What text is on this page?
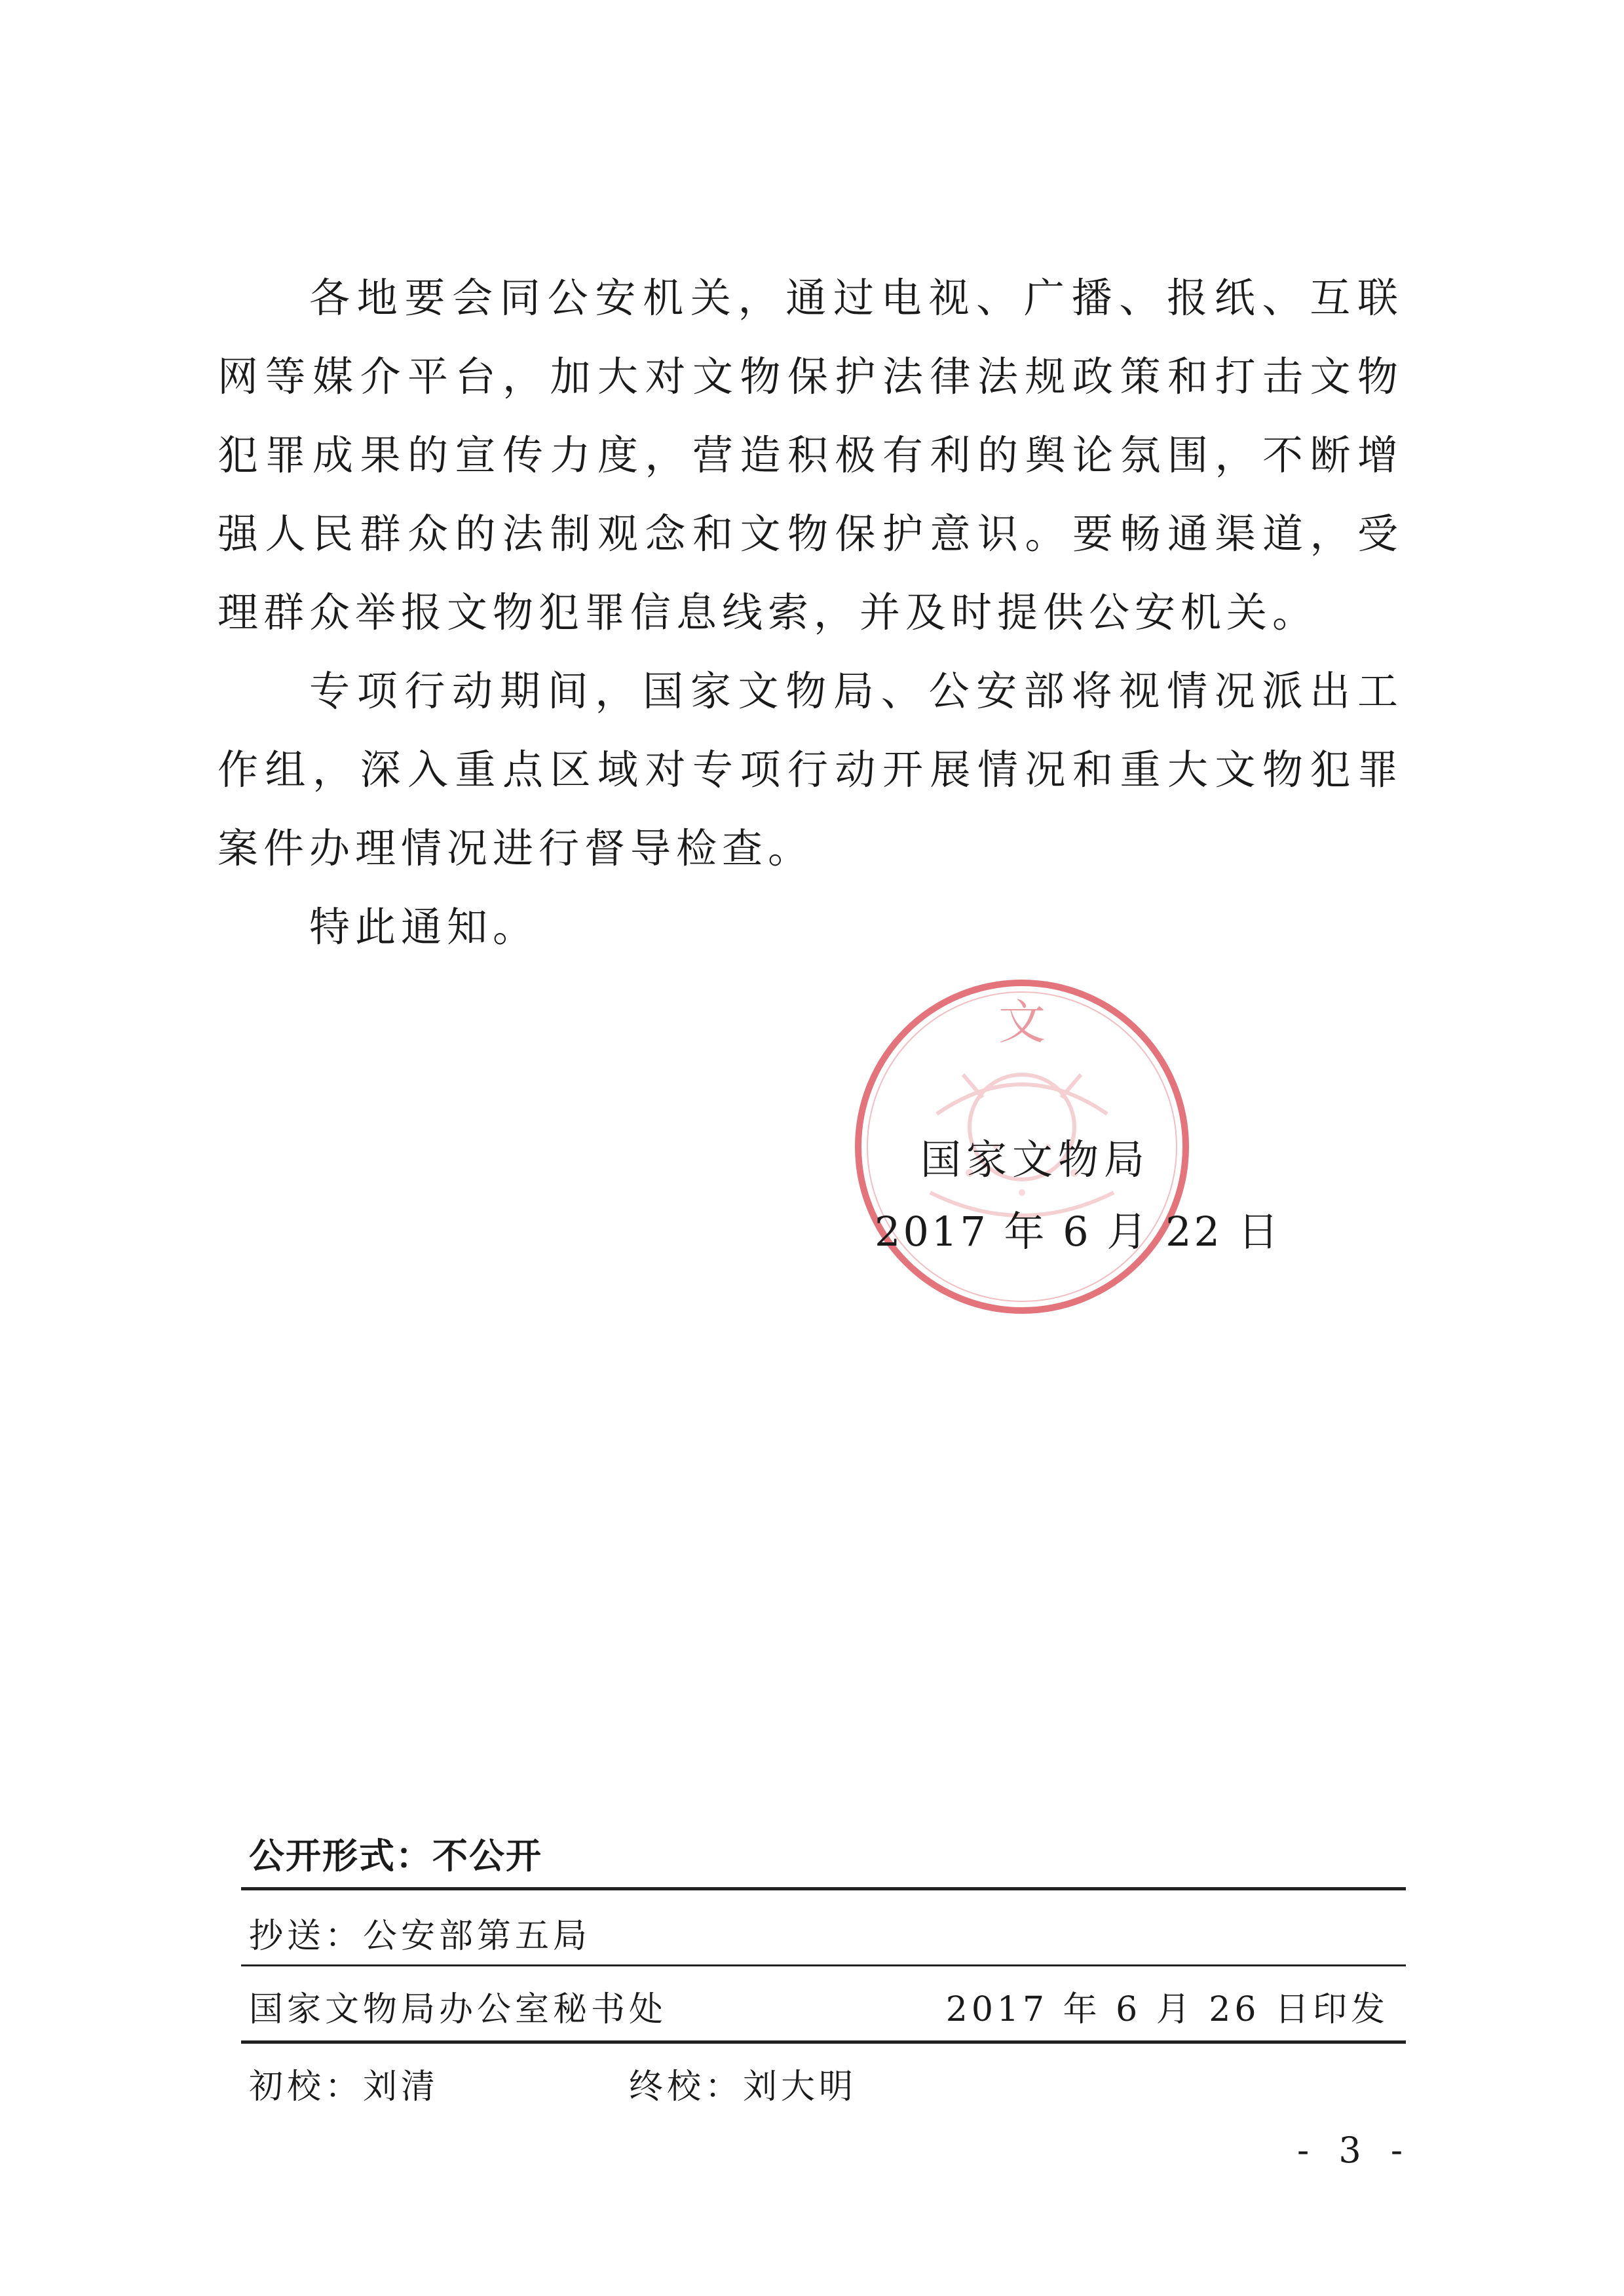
各地要会同公安机关，通过电视、广播、报纸、互联网等媒介平台，加大对文物保护法律法规政策和打击文物犯罪成果的宣传力度，营造积极有利的舆论氛围，不断增强人民群众的法制观念和文物保护意识。要畅通渠道，受理群众举报文物犯罪信息线索，并及时提供公安机关。

专项行动期间，国家文物局、公安部将视情况派出工作组，深入重点区域对专项行动开展情况和重大文物犯罪案件办理情况进行督导检查。

特此通知。

文
国家文物局
2017 年 6 月 22 日
公开形式：不公开
抄送：公安部第五局
国家文物局办公室秘书处	2017 年 6 月 26 日印发
初校：刘清	终校：刘大明
- 3 -
